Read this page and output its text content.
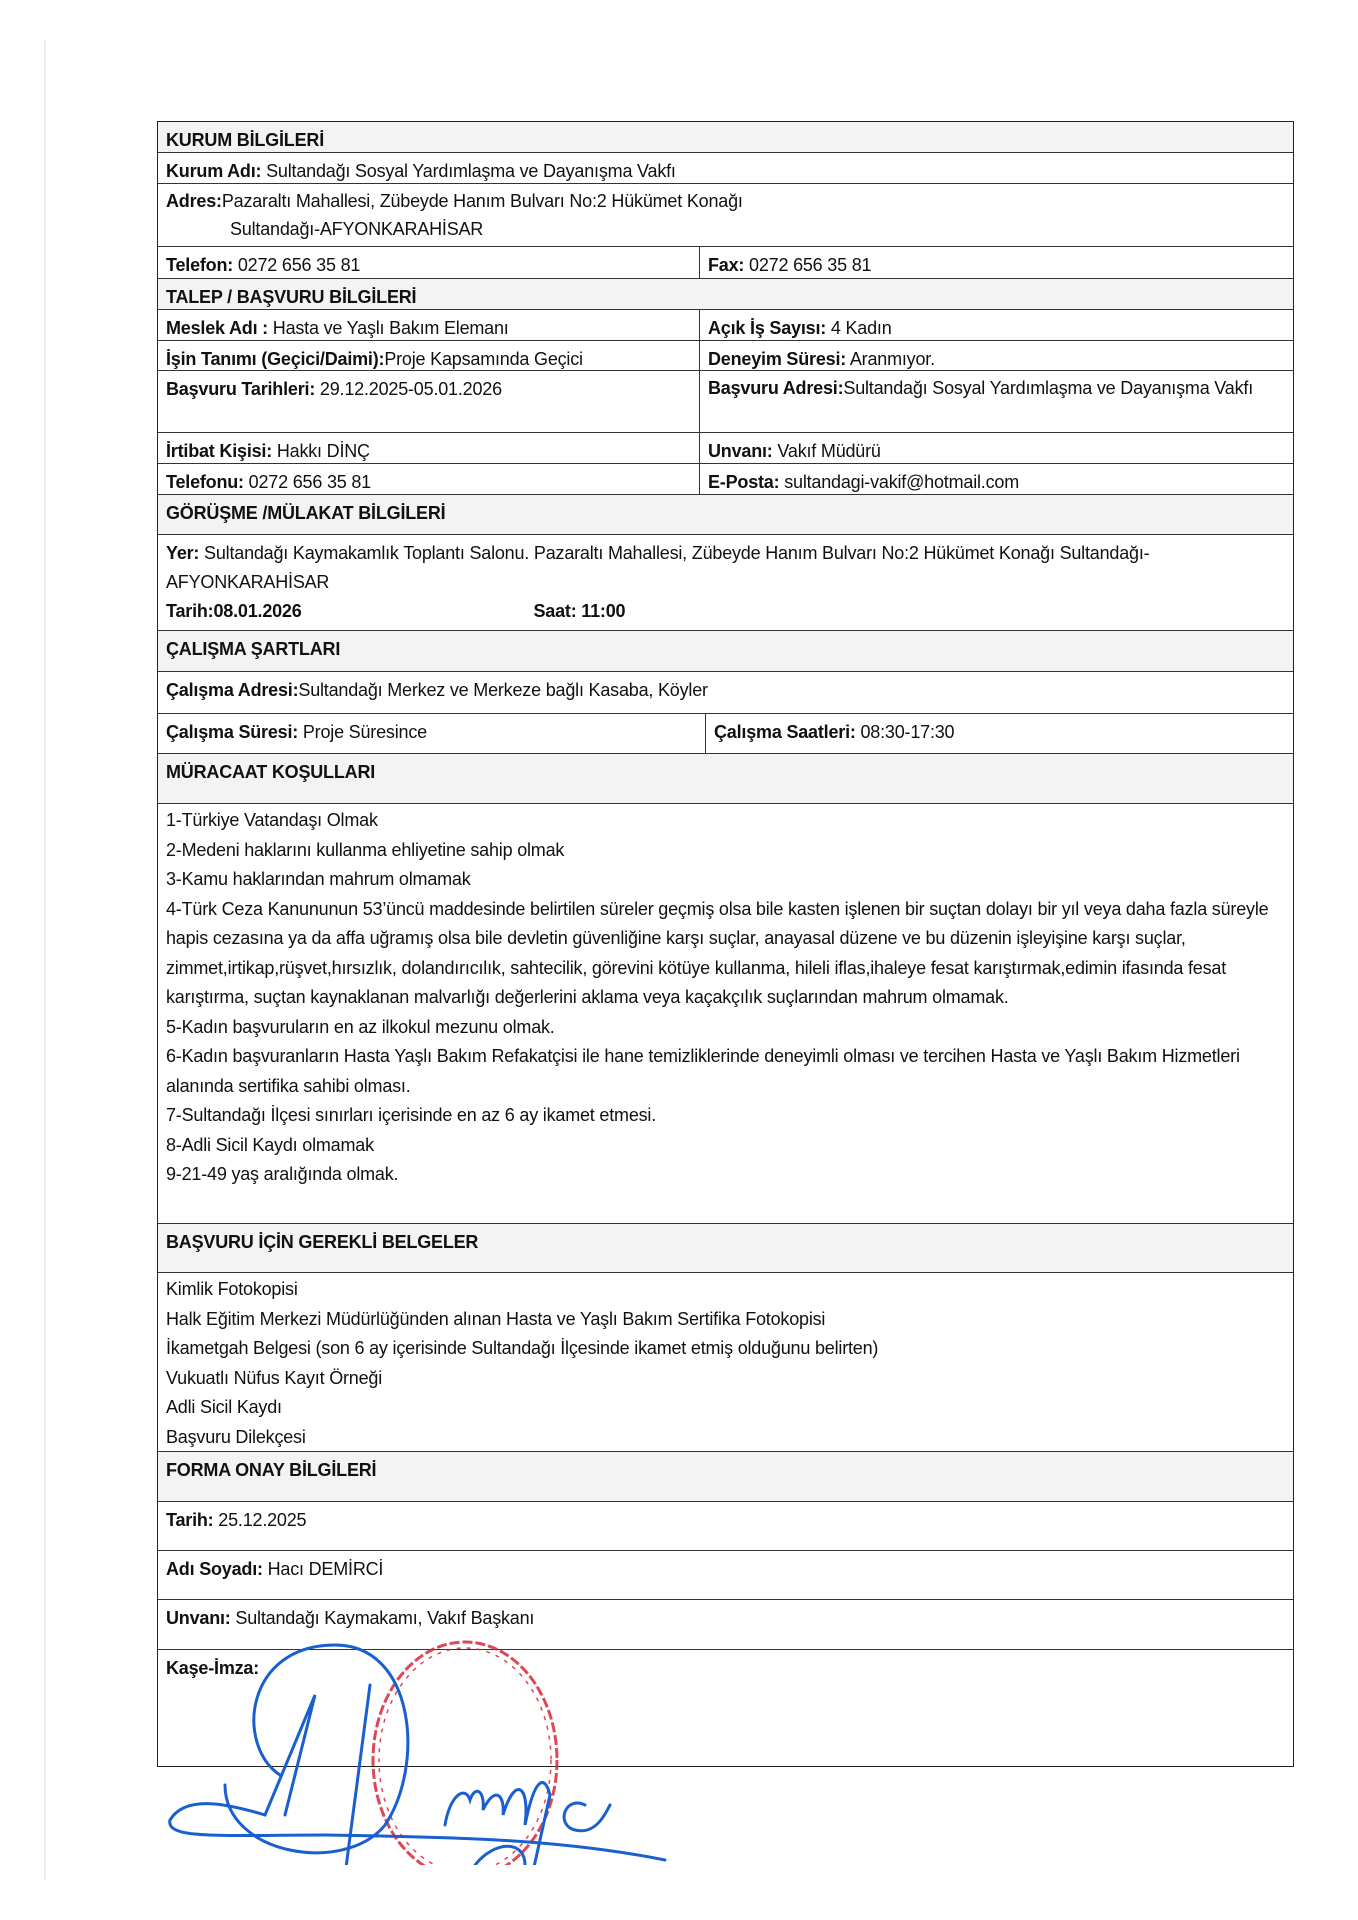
KURUM BİLGİLERİ
Kurum Adı: Sultandağı Sosyal Yardımlaşma ve Dayanışma Vakfı
Adres:Pazaraltı Mahallesi, Zübeyde Hanım Bulvarı No:2 Hükümet Konağı
Sultandağı-AFYONKARAHİSAR
Telefon: 0272 656 35 81	Fax: 0272 656 35 81
TALEP / BAŞVURU BİLGİLERİ
Meslek Adı : Hasta ve Yaşlı Bakım Elemanı	Açık İş Sayısı: 4 Kadın
İşin Tanımı (Geçici/Daimi):Proje Kapsamında Geçici	Deneyim Süresi: Aranmıyor.
Başvuru Tarihleri: 29.12.2025-05.01.2026	Başvuru Adresi:Sultandağı Sosyal Yardımlaşma ve Dayanışma Vakfı
İrtibat Kişisi: Hakkı DİNÇ	Unvanı: Vakıf Müdürü
Telefonu: 0272 656 35 81	E-Posta: sultandagi-vakif@hotmail.com
GÖRÜŞME /MÜLAKAT BİLGİLERİ
Yer: Sultandağı Kaymakamlık Toplantı Salonu. Pazaraltı Mahallesi, Zübeyde Hanım Bulvarı No:2 Hükümet Konağı Sultandağı-AFYONKARAHİSAR
Tarih:08.01.2026	Saat: 11:00
ÇALIŞMA ŞARTLARI
Çalışma Adresi:Sultandağı Merkez ve Merkeze bağlı Kasaba, Köyler
Çalışma Süresi: Proje Süresince	Çalışma Saatleri: 08:30-17:30
MÜRACAAT KOŞULLARI
1-Türkiye Vatandaşı Olmak
2-Medeni haklarını kullanma ehliyetine sahip olmak
3-Kamu haklarından mahrum olmamak
4-Türk Ceza Kanununun 53’üncü maddesinde belirtilen süreler geçmiş olsa bile kasten işlenen bir suçtan dolayı bir yıl veya daha fazla süreyle hapis cezasına ya da affa uğramış olsa bile devletin güvenliğine karşı suçlar, anayasal düzene ve bu düzenin işleyişine karşı suçlar, zimmet,irtikap,rüşvet,hırsızlık, dolandırıcılık, sahtecilik, görevini kötüye kullanma, hileli iflas,ihaleye fesat karıştırmak,edimin ifasında fesat karıştırma, suçtan kaynaklanan malvarlığı değerlerini aklama veya kaçakçılık suçlarından mahrum olmamak.
5-Kadın başvuruların en az ilkokul mezunu olmak.
6-Kadın başvuranların Hasta Yaşlı Bakım Refakatçisi ile hane temizliklerinde deneyimli olması ve tercihen Hasta ve Yaşlı Bakım Hizmetleri alanında sertifika sahibi olması.
7-Sultandağı İlçesi sınırları içerisinde en az 6 ay ikamet etmesi.
8-Adli Sicil Kaydı olmamak
9-21-49 yaş aralığında olmak.
BAŞVURU İÇİN GEREKLİ BELGELER
Kimlik Fotokopisi
Halk Eğitim Merkezi Müdürlüğünden alınan Hasta ve Yaşlı Bakım Sertifika Fotokopisi
İkametgah Belgesi (son 6 ay içerisinde Sultandağı İlçesinde ikamet etmiş olduğunu belirten)
Vukuatlı Nüfus Kayıt Örneği
Adli Sicil Kaydı
Başvuru Dilekçesi
FORMA ONAY BİLGİLERİ
Tarih: 25.12.2025
Adı Soyadı: Hacı DEMİRCİ
Unvanı: Sultandağı Kaymakamı, Vakıf Başkanı
Kaşe-İmza:
